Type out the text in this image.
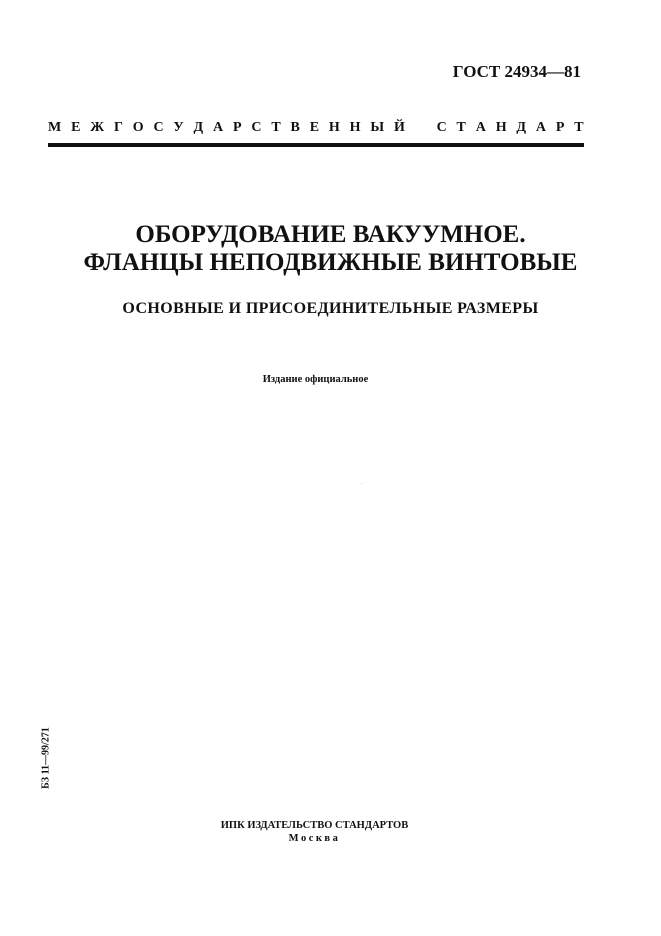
ГОСТ 24934—81
М Е Ж Г О С У Д А Р С Т В Е Н Н Ы Й С Т А Н Д А Р Т
ОБОРУДОВАНИЕ ВАКУУМНОЕ.
ФЛАНЦЫ НЕПОДВИЖНЫЕ ВИНТОВЫЕ
ОСНОВНЫЕ И ПРИСОЕДИНИТЕЛЬНЫЕ РАЗМЕРЫ
Издание официальное
БЗ 11—99/271
ИПК ИЗДАТЕЛЬСТВО СТАНДАРТОВ
Москва
